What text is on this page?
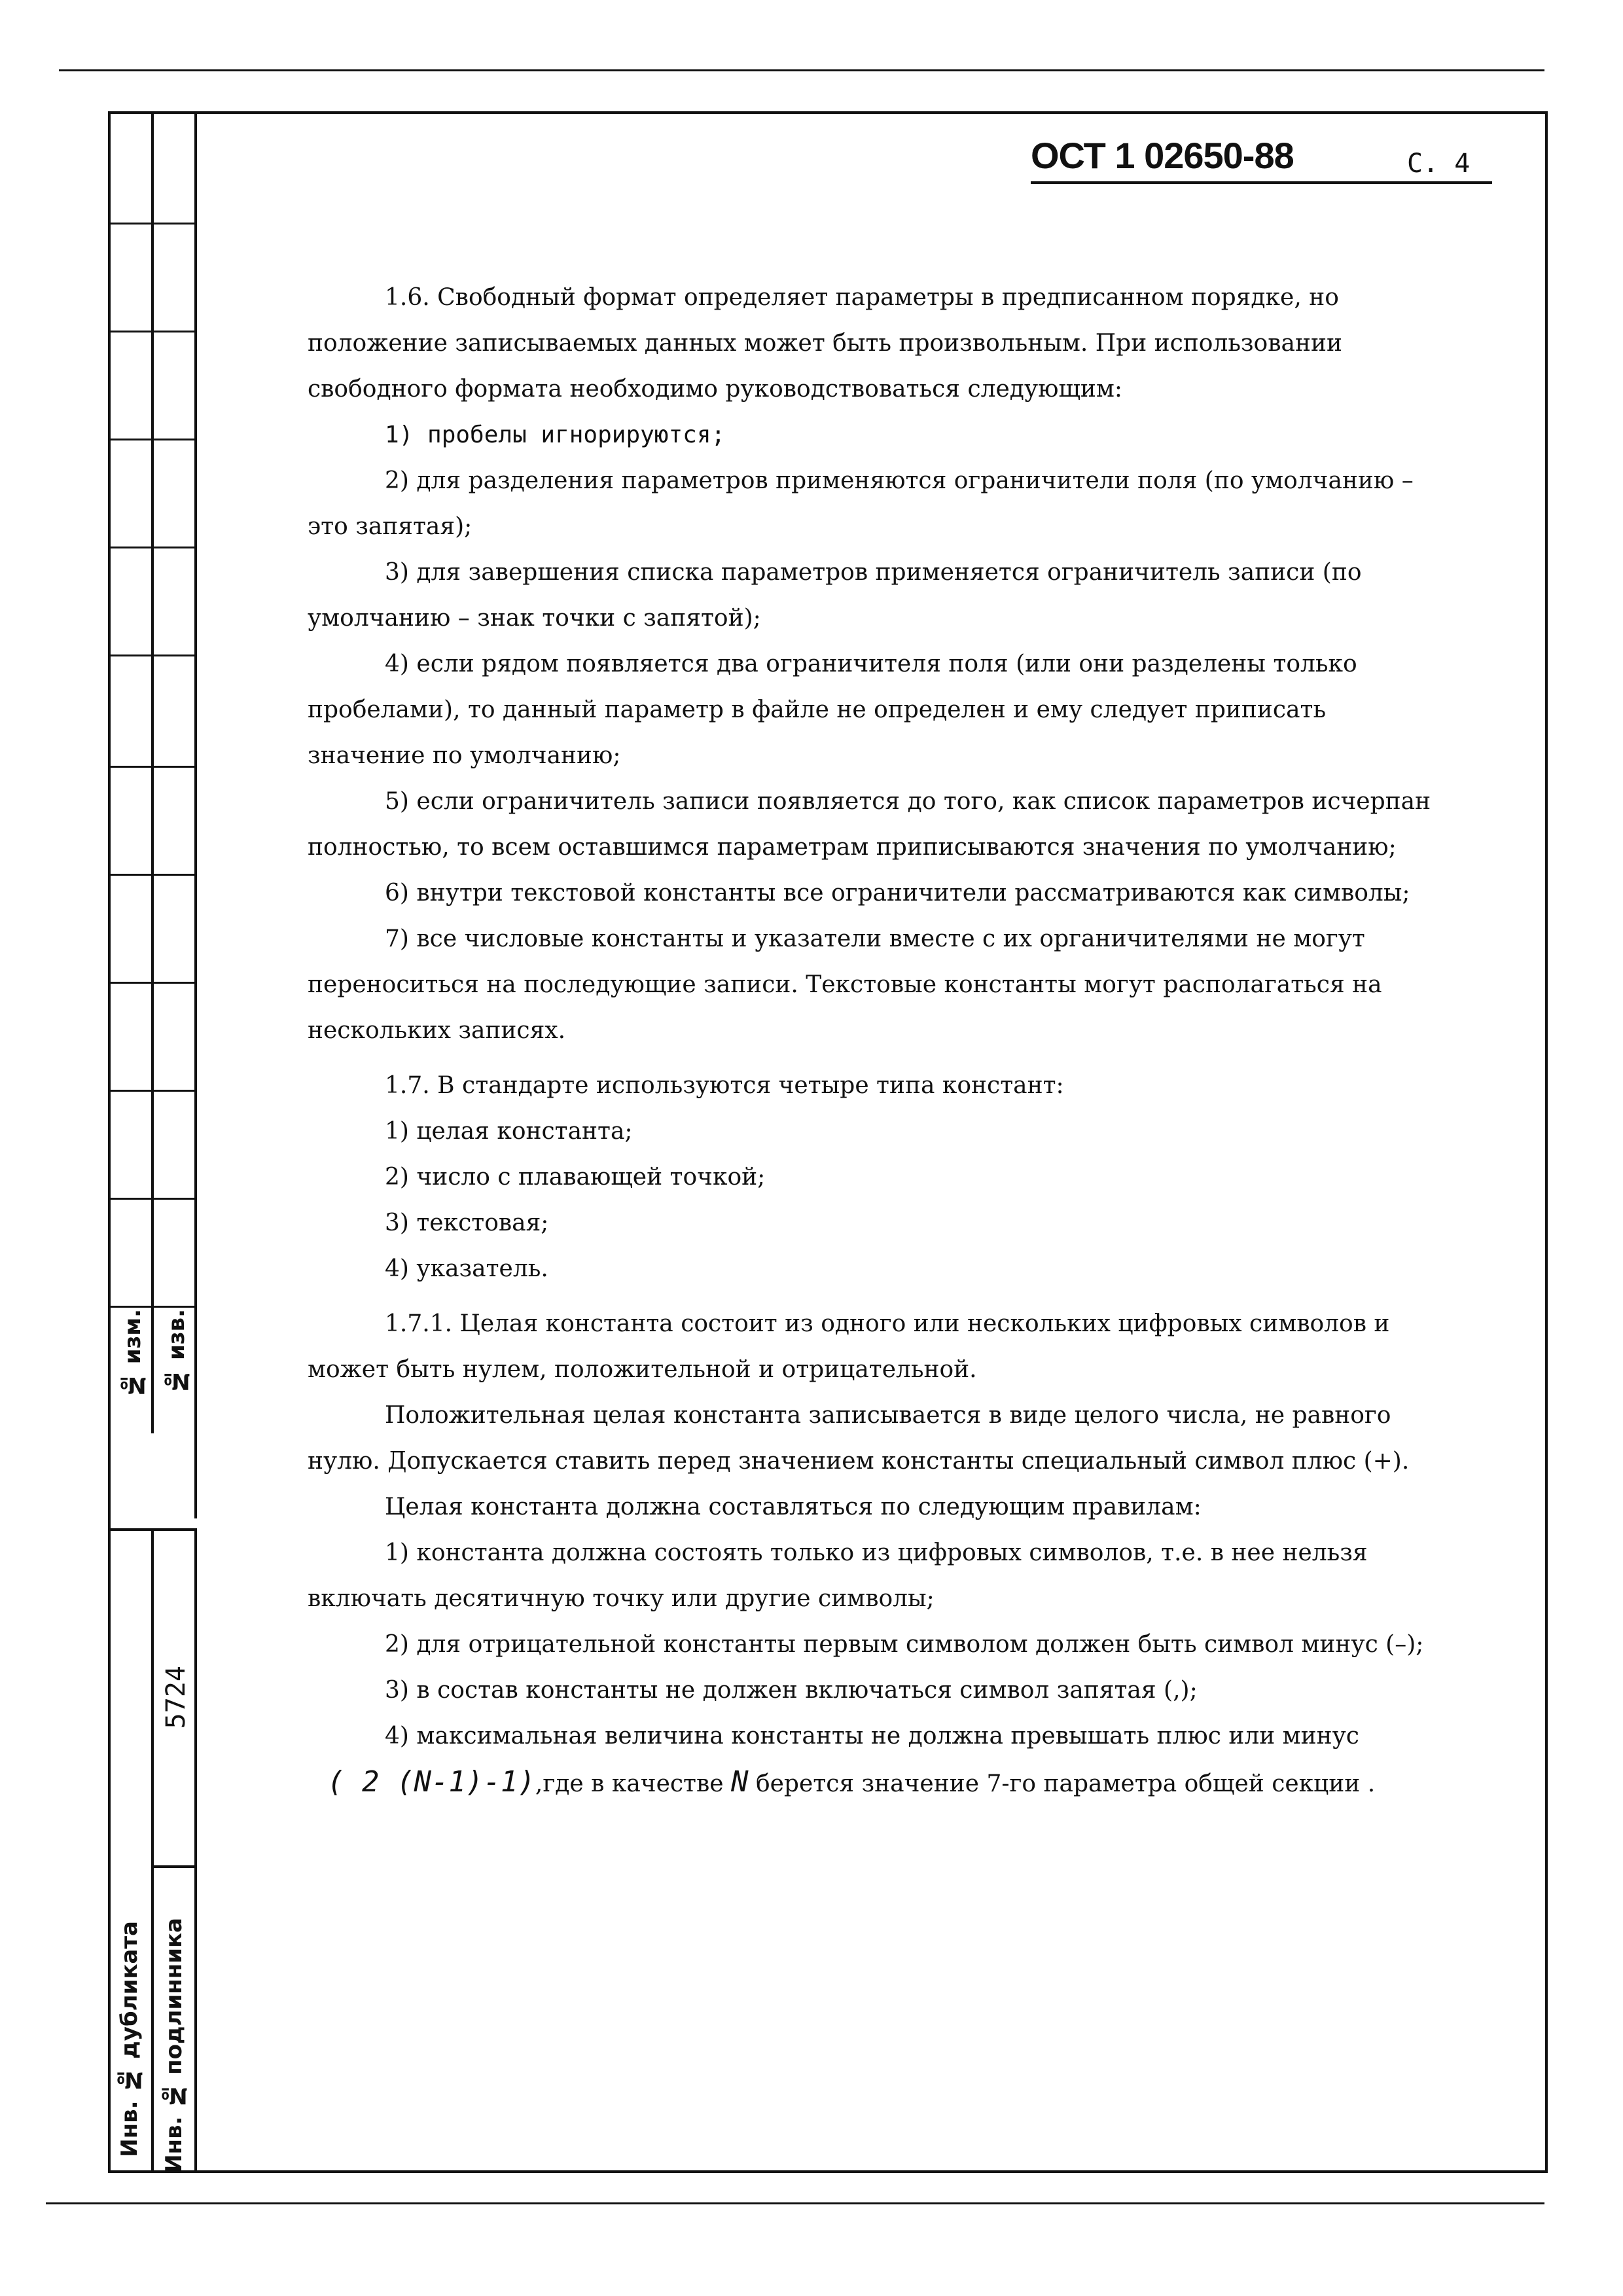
№ изм. № изв.
Инв. № дубликата
5724
Инв. № подлинника
ОСТ 1 02650-88	С. 4

1.6. Свободный формат определяет параметры в предписанном порядке, но положение записываемых данных может быть произвольным. При использовании свободного формата необходимо руководствоваться следующим:

1) пробелы игнорируются;

2) для разделения параметров применяются ограничители поля (по умолчанию – это запятая);

3) для завершения списка параметров применяется ограничитель записи (по умолчанию – знак точки с запятой);

4) если рядом появляется два ограничителя поля (или они разделены только пробелами), то данный параметр в файле не определен и ему следует приписать значение по умолчанию;

5) если ограничитель записи появляется до того, как список параметров исчерпан полностью, то всем оставшимся параметрам приписываются значения по умолчанию;

6) внутри текстовой константы все ограничители рассматриваются как символы;

7) все числовые константы и указатели вместе с их органичителями не могут переноситься на последующие записи. Текстовые константы могут располагаться на нескольких записях.

1.7. В стандарте используются четыре типа констант:

1) целая константа;

2) число с плавающей точкой;

3) текстовая;

4) указатель.

1.7.1. Целая константа состоит из одного или нескольких цифровых символов и может быть нулем, положительной и отрицательной.

Положительная целая константа записывается в виде целого числа, не равного нулю. Допускается ставить перед значением константы специальный символ плюс (+).

Целая константа должна составляться по следующим правилам:

1) константа должна состоять только из цифровых символов, т.е. в нее нельзя включать десятичную точку или другие символы;

2) для отрицательной константы первым символом должен быть символ минус (–);

3) в состав константы не должен включаться символ запятая (,);

4) максимальная величина константы не должна превышать плюс или минус
( 2 (N-1)-1),где в качестве N берется значение 7-го параметра общей секции .
